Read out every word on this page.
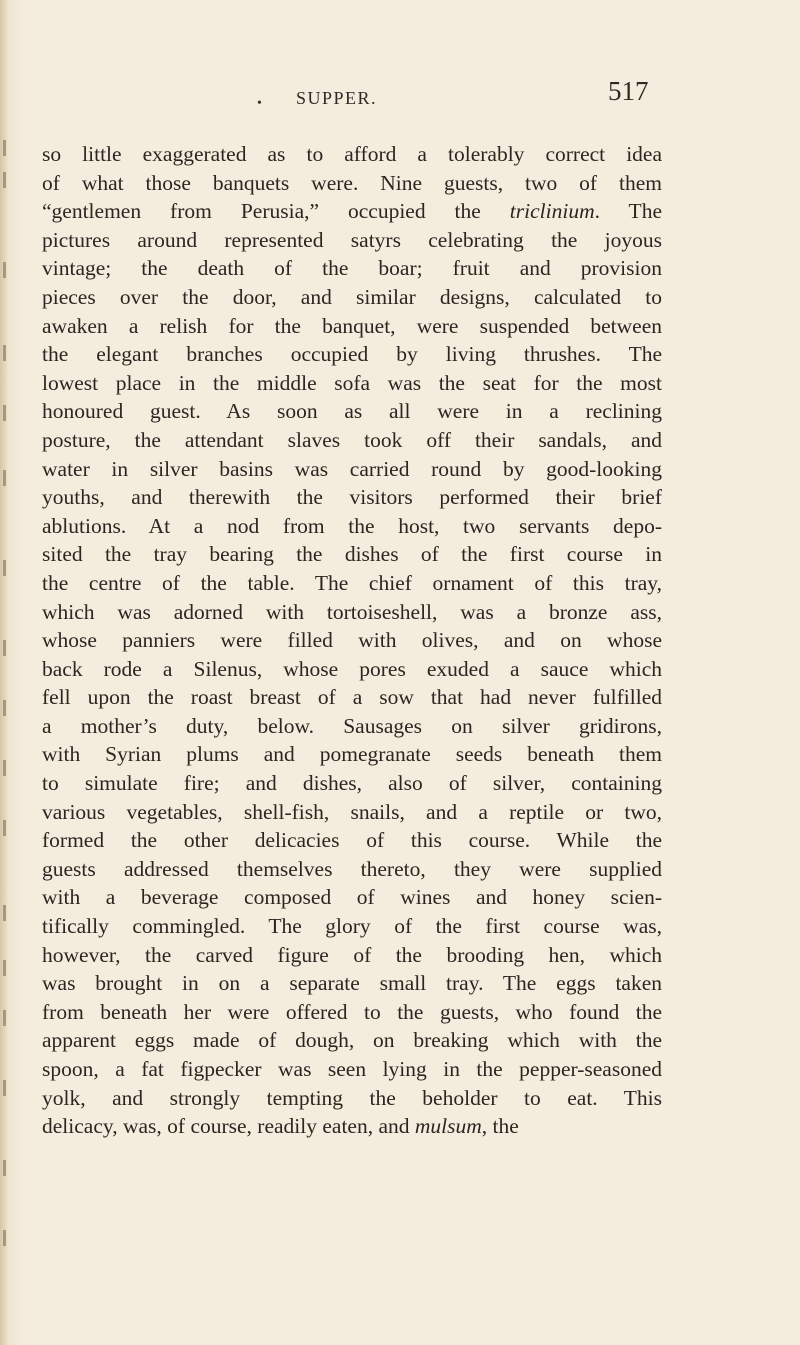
• SUPPER.	517
so little exaggerated as to afford a tolerably correct idea
of what those banquets were. Nine guests, two of them
“gentlemen from Perusia,” occupied the triclinium. The
pictures around represented satyrs celebrating the joyous
vintage; the death of the boar; fruit and provision
pieces over the door, and similar designs, calculated to
awaken a relish for the banquet, were suspended between
the elegant branches occupied by living thrushes. The
lowest place in the middle sofa was the seat for the most
honoured guest. As soon as all were in a reclining
posture, the attendant slaves took off their sandals, and
water in silver basins was carried round by good-looking
youths, and therewith the visitors performed their brief
ablutions. At a nod from the host, two servants depo-
sited the tray bearing the dishes of the first course in
the centre of the table. The chief ornament of this tray,
which was adorned with tortoiseshell, was a bronze ass,
whose panniers were filled with olives, and on whose
back rode a Silenus, whose pores exuded a sauce which
fell upon the roast breast of a sow that had never fulfilled
a mother’s duty, below. Sausages on silver gridirons,
with Syrian plums and pomegranate seeds beneath them
to simulate fire; and dishes, also of silver, containing
various vegetables, shell-fish, snails, and a reptile or two,
formed the other delicacies of this course. While the
guests addressed themselves thereto, they were supplied
with a beverage composed of wines and honey scien-
tifically commingled. The glory of the first course was,
however, the carved figure of the brooding hen, which
was brought in on a separate small tray. The eggs taken
from beneath her were offered to the guests, who found the
apparent eggs made of dough, on breaking which with the
spoon, a fat figpecker was seen lying in the pepper-seasoned
yolk, and strongly tempting the beholder to eat. This
delicacy, was, of course, readily eaten, and mulsum, the
